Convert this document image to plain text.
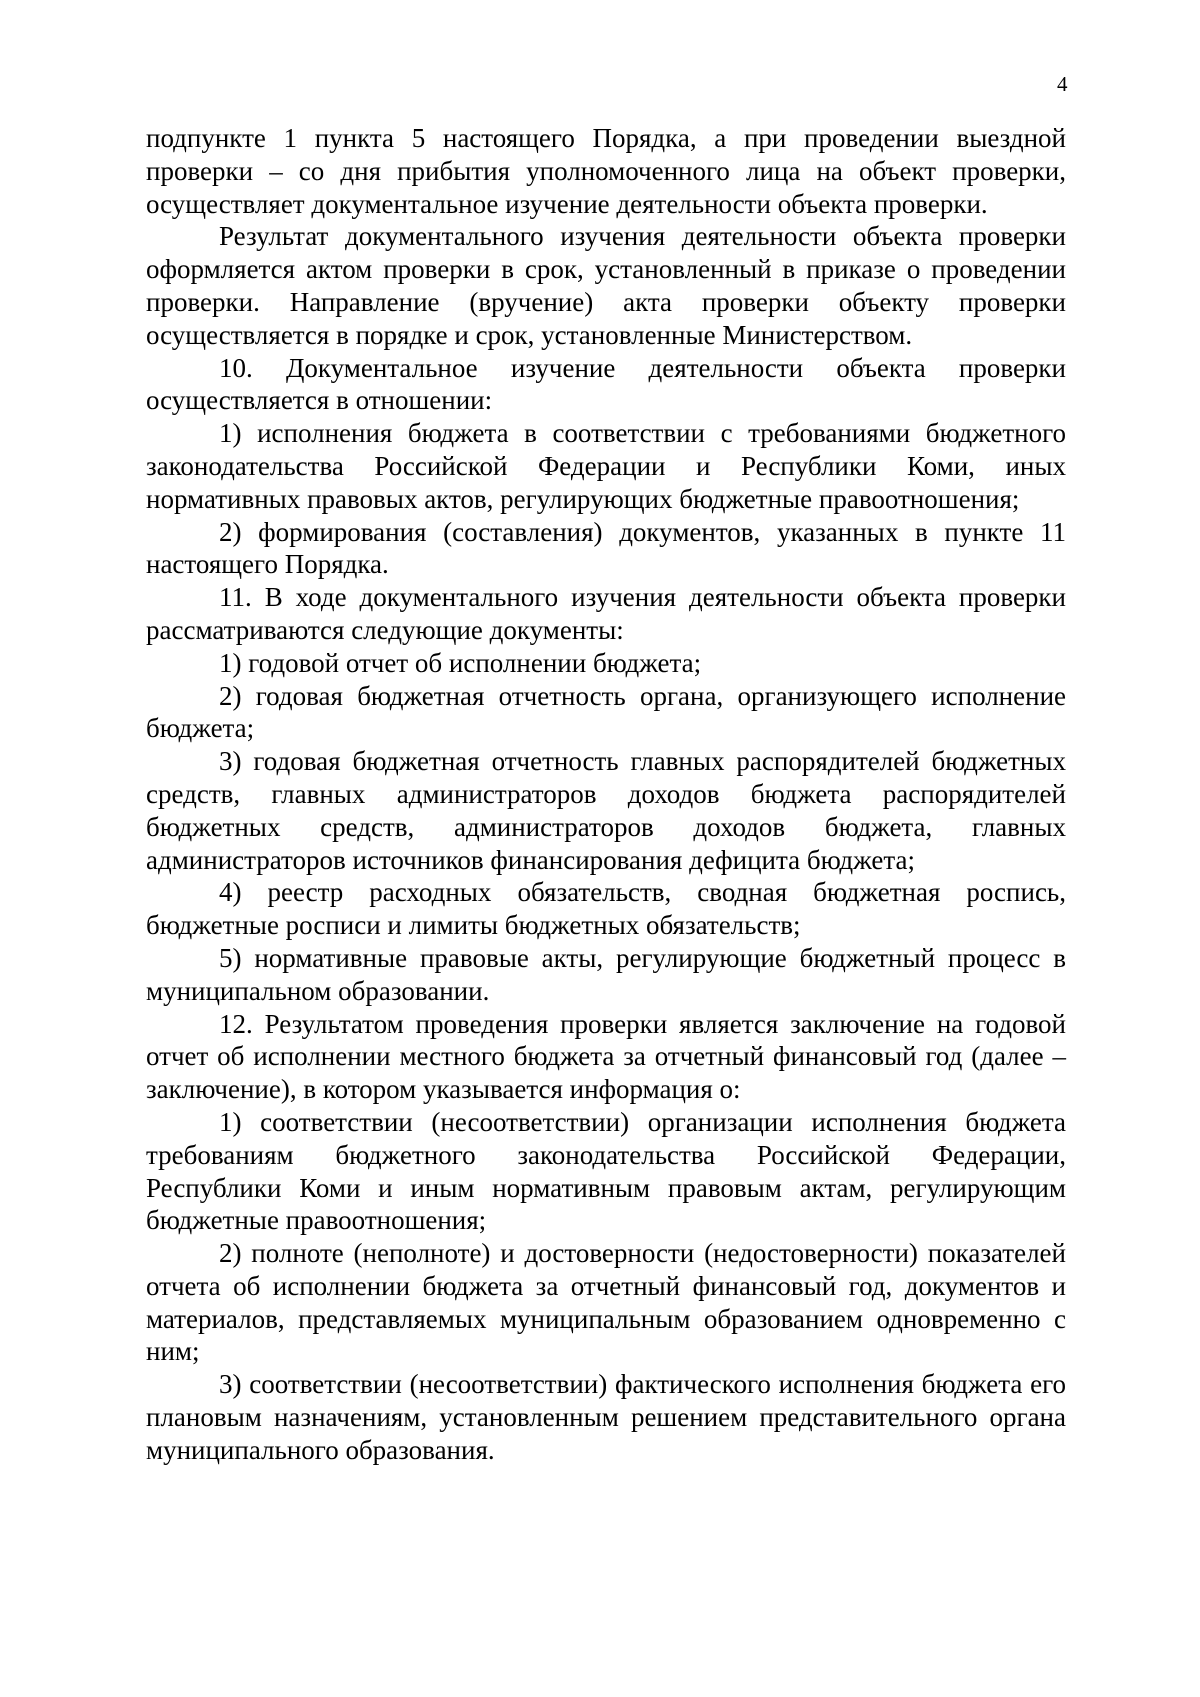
4

подпункте 1 пункта 5 настоящего Порядка, а при проведении выездной проверки – со дня прибытия уполномоченного лица на объект проверки, осуществляет документальное изучение деятельности объекта проверки.

Результат документального изучения деятельности объекта проверки оформляется актом проверки в срок, установленный в приказе о проведении проверки. Направление (вручение) акта проверки объекту проверки осуществляется в порядке и срок, установленные Министерством.

10. Документальное изучение деятельности объекта проверки осуществляется в отношении:

1) исполнения бюджета в соответствии с требованиями бюджетного законодательства Российской Федерации и Республики Коми, иных нормативных правовых актов, регулирующих бюджетные правоотношения;

2) формирования (составления) документов, указанных в пункте 11 настоящего Порядка.

11. В ходе документального изучения деятельности объекта проверки рассматриваются следующие документы:

1) годовой отчет об исполнении бюджета;

2) годовая бюджетная отчетность органа, организующего исполнение бюджета;

3) годовая бюджетная отчетность главных распорядителей бюджетных средств, главных администраторов доходов бюджета распорядителей бюджетных средств, администраторов доходов бюджета, главных администраторов источников финансирования дефицита бюджета;

4) реестр расходных обязательств, сводная бюджетная роспись, бюджетные росписи и лимиты бюджетных обязательств;

5) нормативные правовые акты, регулирующие бюджетный процесс в муниципальном образовании.

12. Результатом проведения проверки является заключение на годовой отчет об исполнении местного бюджета за отчетный финансовый год (далее – заключение), в котором указывается информация о:

1) соответствии (несоответствии) организации исполнения бюджета требованиям бюджетного законодательства Российской Федерации, Республики Коми и иным нормативным правовым актам, регулирующим бюджетные правоотношения;

2) полноте (неполноте) и достоверности (недостоверности) показателей отчета об исполнении бюджета за отчетный финансовый год, документов и материалов, представляемых муниципальным образованием одновременно с ним;

3) соответствии (несоответствии) фактического исполнения бюджета его плановым назначениям, установленным решением представительного органа муниципального образования.
